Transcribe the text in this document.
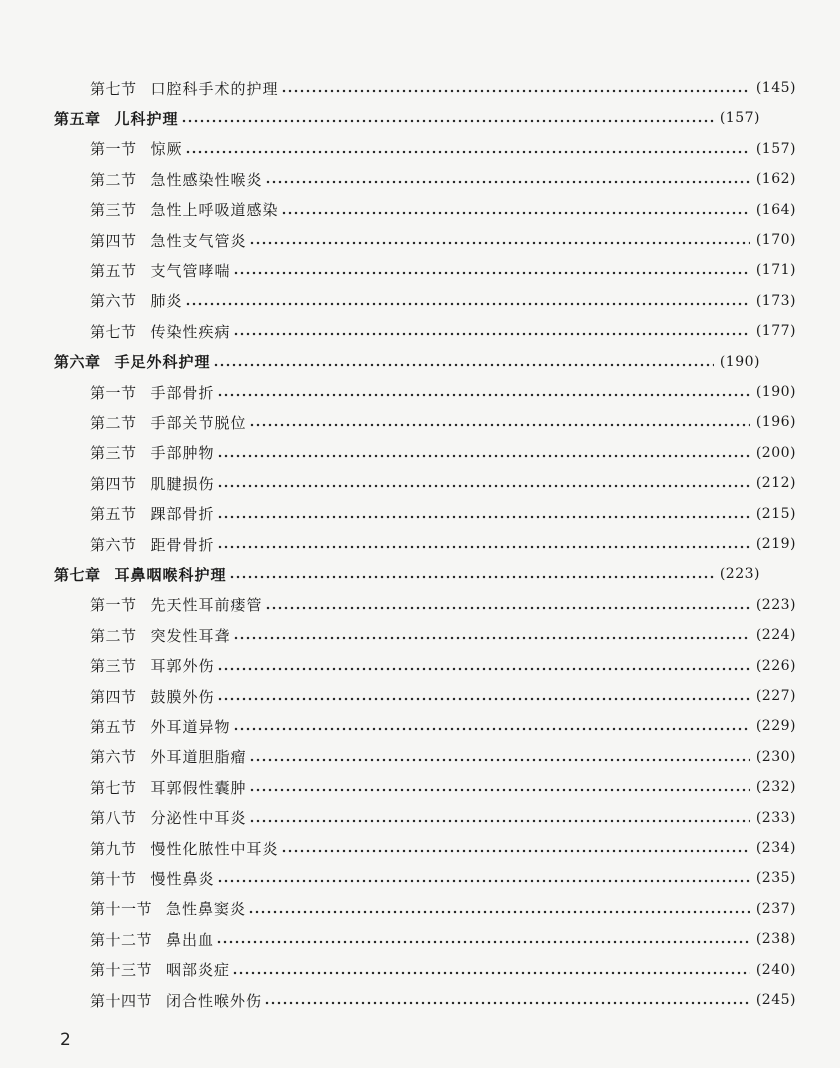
第七节 口腔科手术的护理	(145)
第五章 儿科护理	(157)
第一节 惊厥	(157)
第二节 急性感染性喉炎	(162)
第三节 急性上呼吸道感染	(164)
第四节 急性支气管炎	(170)
第五节 支气管哮喘	(171)
第六节 肺炎	(173)
第七节 传染性疾病	(177)
第六章 手足外科护理	(190)
第一节 手部骨折	(190)
第二节 手部关节脱位	(196)
第三节 手部肿物	(200)
第四节 肌腱损伤	(212)
第五节 踝部骨折	(215)
第六节 距骨骨折	(219)
第七章 耳鼻咽喉科护理	(223)
第一节 先天性耳前瘘管	(223)
第二节 突发性耳聋	(224)
第三节 耳郭外伤	(226)
第四节 鼓膜外伤	(227)
第五节 外耳道异物	(229)
第六节 外耳道胆脂瘤	(230)
第七节 耳郭假性囊肿	(232)
第八节 分泌性中耳炎	(233)
第九节 慢性化脓性中耳炎	(234)
第十节 慢性鼻炎	(235)
第十一节 急性鼻窦炎	(237)
第十二节 鼻出血	(238)
第十三节 咽部炎症	(240)
第十四节 闭合性喉外伤	(245)
2
